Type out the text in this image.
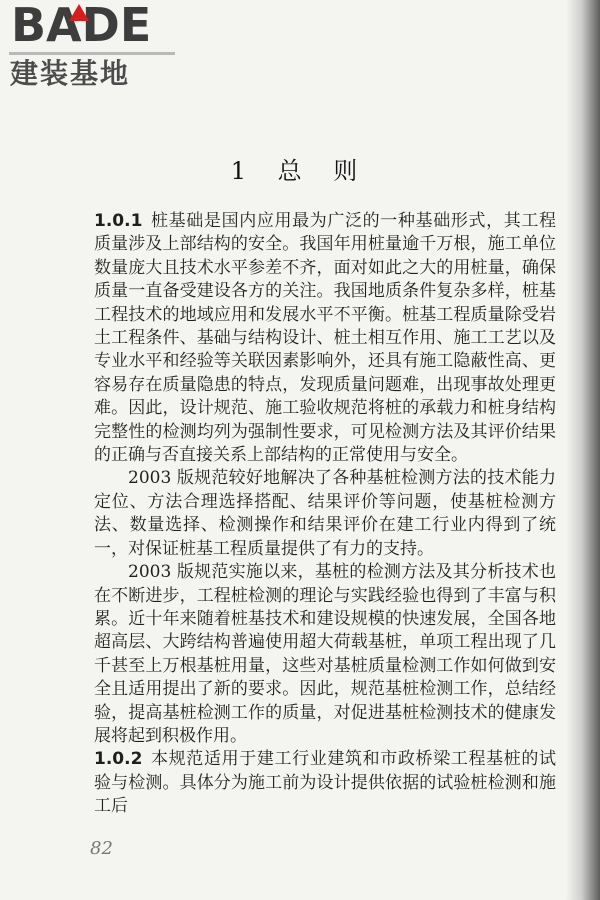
BADE
建装基地
1 总 则

1.0.1 桩基础是国内应用最为广泛的一种基础形式，其工程质量涉及上部结构的安全。我国年用桩量逾千万根，施工单位数量庞大且技术水平参差不齐，面对如此之大的用桩量，确保质量一直备受建设各方的关注。我国地质条件复杂多样，桩基工程技术的地域应用和发展水平不平衡。桩基工程质量除受岩土工程条件、基础与结构设计、桩土相互作用、施工工艺以及专业水平和经验等关联因素影响外，还具有施工隐蔽性高、更容易存在质量隐患的特点，发现质量问题难，出现事故处理更难。因此，设计规范、施工验收规范将桩的承载力和桩身结构完整性的检测均列为强制性要求，可见检测方法及其评价结果的正确与否直接关系上部结构的正常使用与安全。

2003 版规范较好地解决了各种基桩检测方法的技术能力定位、方法合理选择搭配、结果评价等问题，使基桩检测方法、数量选择、检测操作和结果评价在建工行业内得到了统一，对保证桩基工程质量提供了有力的支持。

2003 版规范实施以来，基桩的检测方法及其分析技术也在不断进步，工程桩检测的理论与实践经验也得到了丰富与积累。近十年来随着桩基技术和建设规模的快速发展，全国各地超高层、大跨结构普遍使用超大荷载基桩，单项工程出现了几千甚至上万根基桩用量，这些对基桩质量检测工作如何做到安全且适用提出了新的要求。因此，规范基桩检测工作，总结经验，提高基桩检测工作的质量，对促进基桩检测技术的健康发展将起到积极作用。

1.0.2 本规范适用于建工行业建筑和市政桥梁工程基桩的试验与检测。具体分为施工前为设计提供依据的试验桩检测和施工后

82
